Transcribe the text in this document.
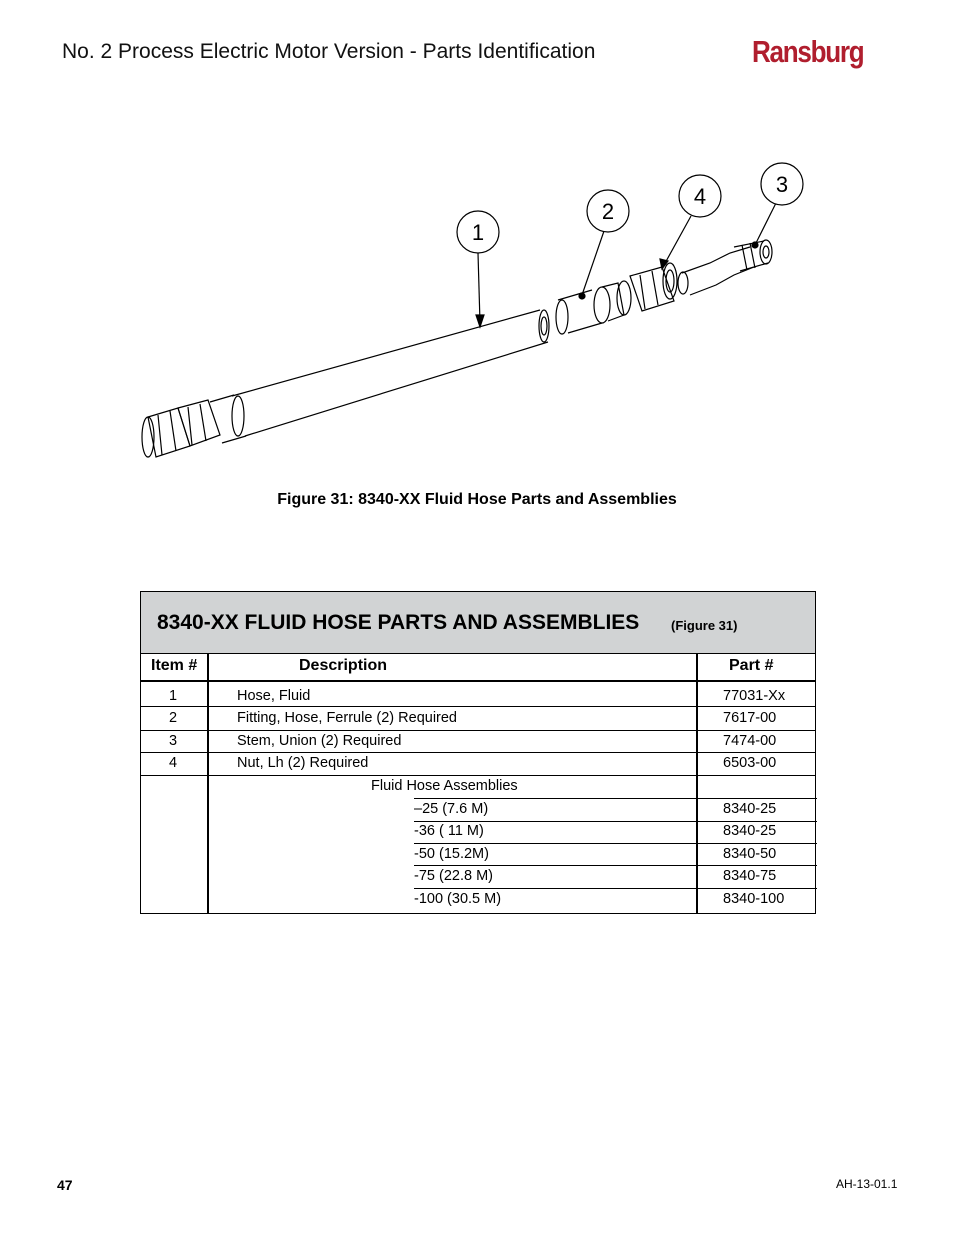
No. 2 Process Electric Motor Version - Parts Identification	Ransburg
1
2
4	3
Figure 31: 8340-XX Fluid Hose Parts and Assemblies
8340-XX FLUID HOSE PARTS AND ASSEMBLIES (Figure 31)
Item #	Description	Part #
1	Hose, Fluid	77031-Xx
2	Fitting, Hose, Ferrule (2) Required	7617-00
3	Stem, Union (2) Required	7474-00
4	Nut, Lh (2) Required	6503-00
Fluid Hose Assemblies
–25 (7.6 M)	8340-25
-36 ( 11 M)	8340-25
-50 (15.2M)	8340-50
-75 (22.8 M)	8340-75
-100 (30.5 M)	8340-100
47	AH-13-01.1
